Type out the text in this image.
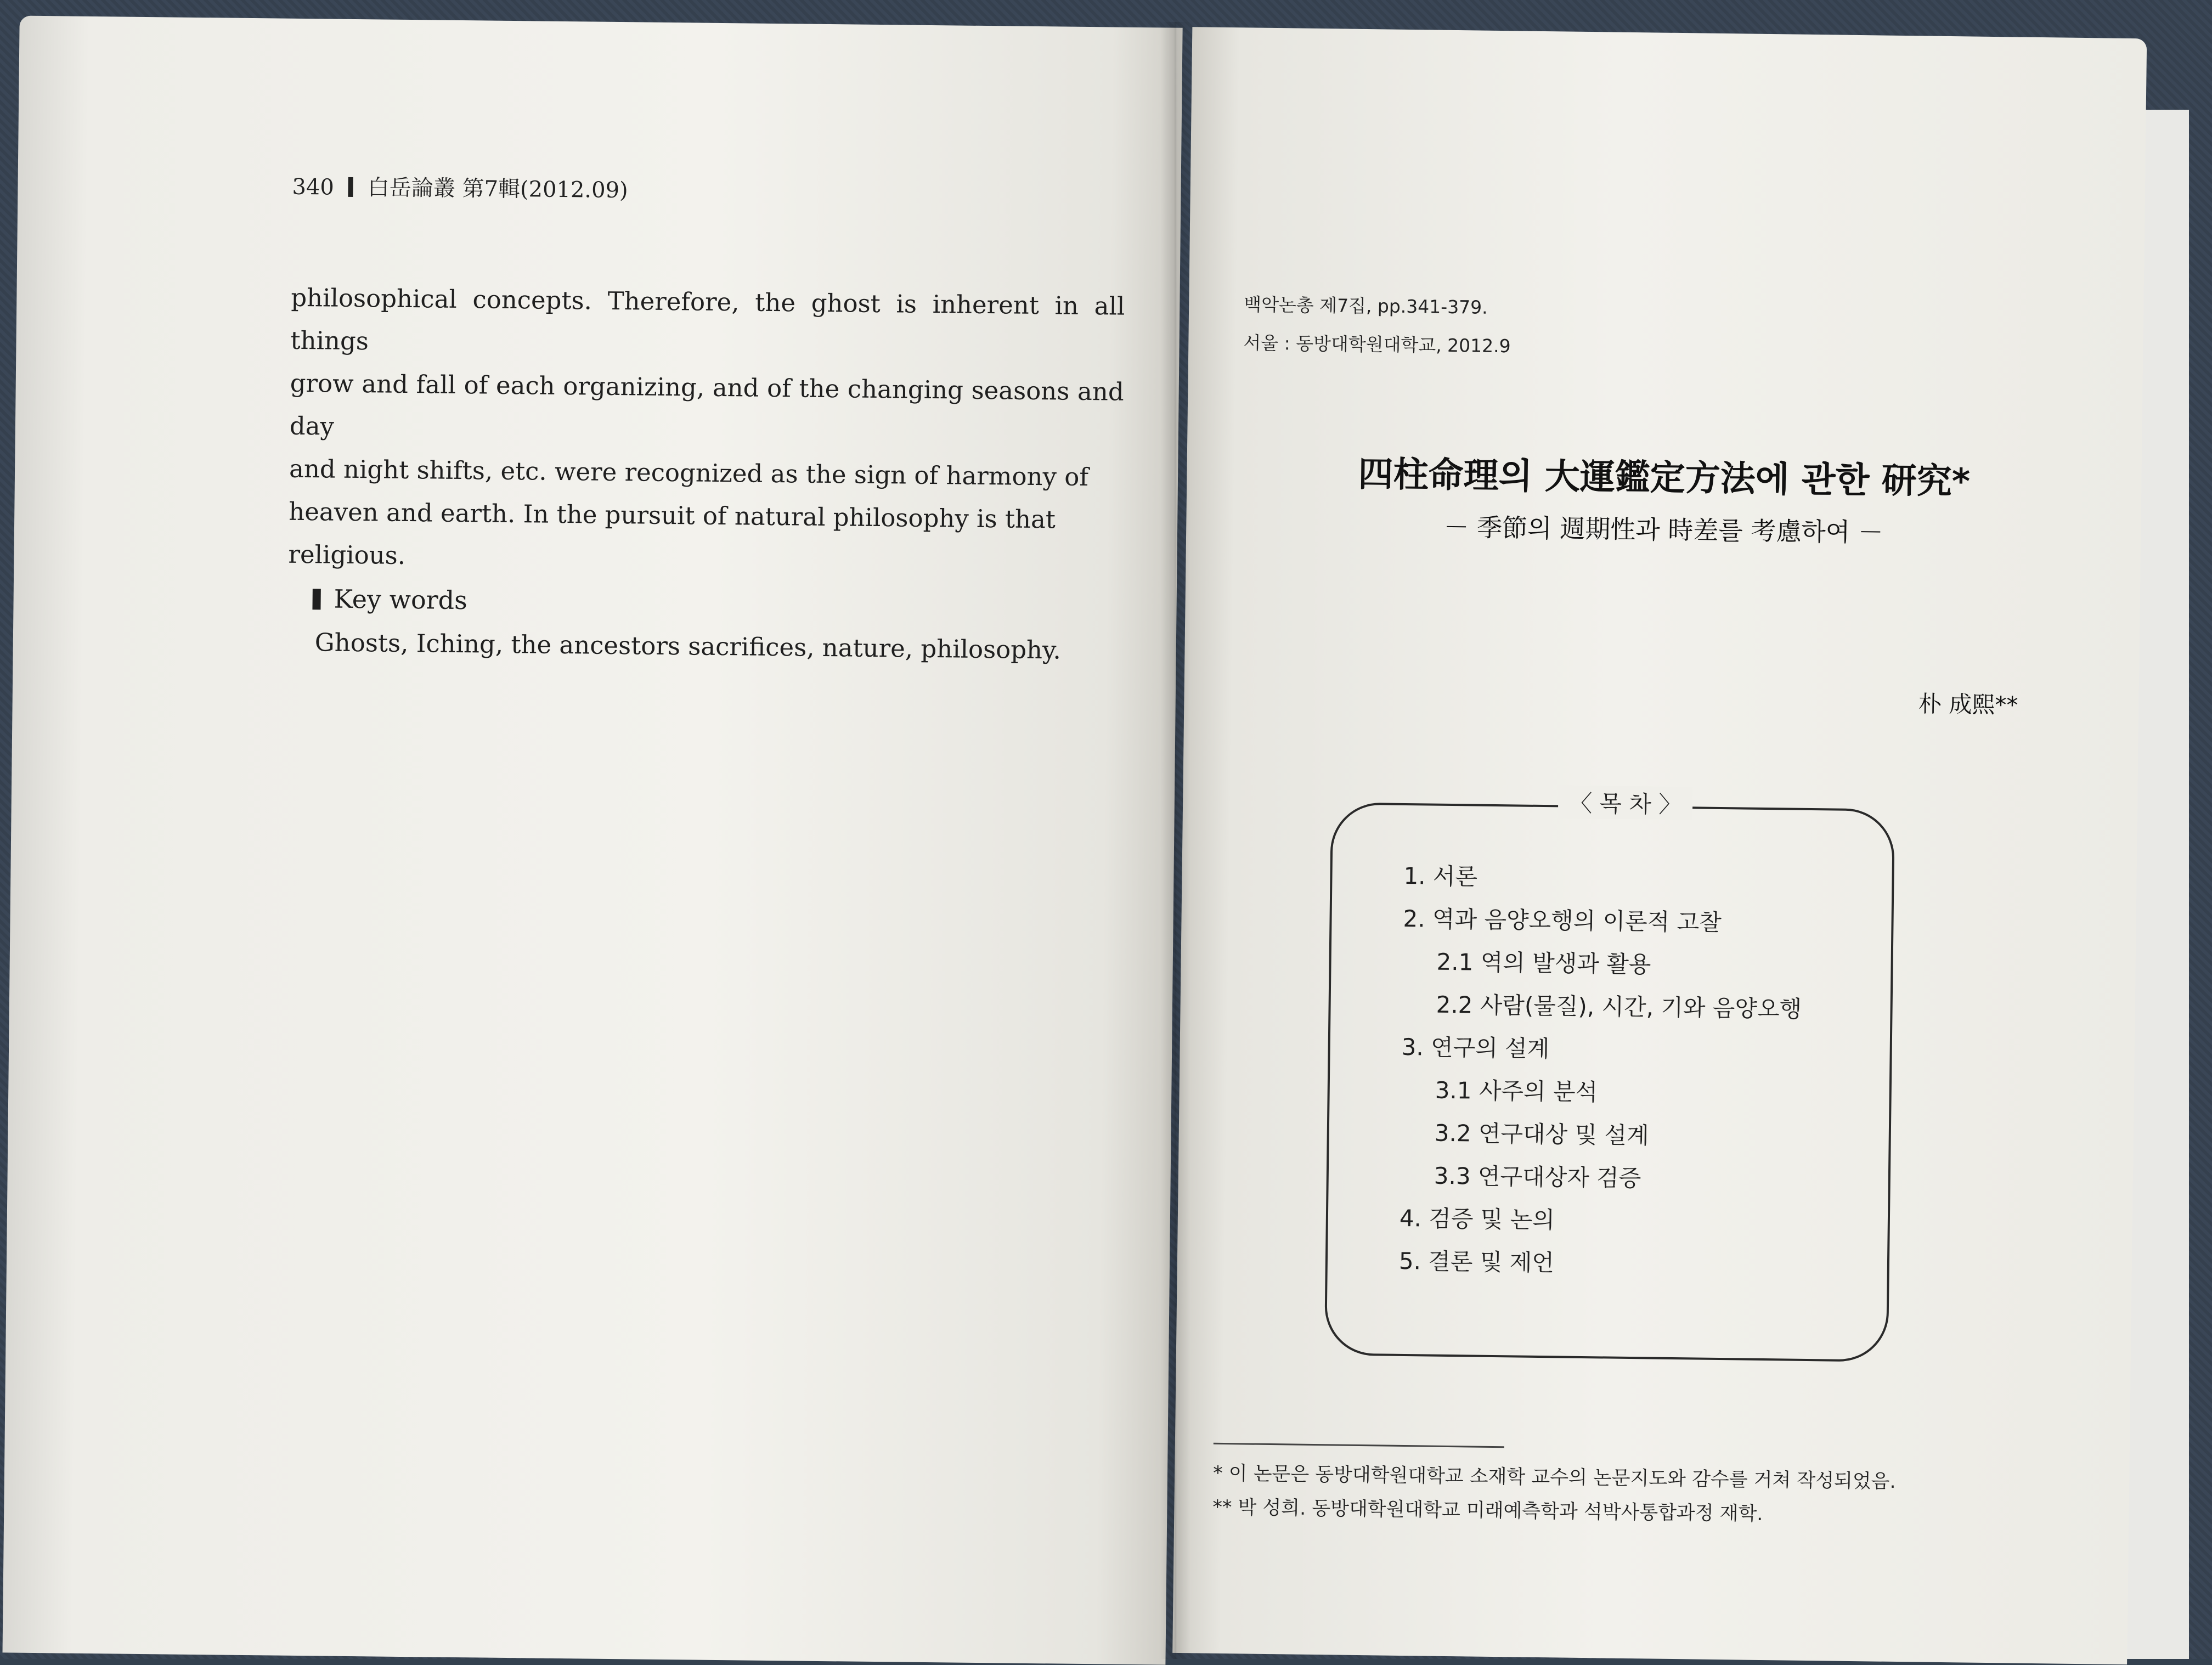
340 白岳論叢 第7輯(2012.09)
philosophical concepts. Therefore, the ghost is inherent in all things
grow and fall of each organizing, and of the changing seasons and day
and night shifts, etc. were recognized as the sign of harmony of
heaven and earth. In the pursuit of natural philosophy is that
religious.
Key words
Ghosts, Iching, the ancestors sacrifices, nature, philosophy.
백악논총 제7집, pp.341-379.
서울 : 동방대학원대학교, 2012.9
四柱命理의 大運鑑定方法에 관한 研究*
－ 季節의 週期性과 時差를 考慮하여 －
朴 成熙**
〈 목 차 〉
1. 서론
2. 역과 음양오행의 이론적 고찰
2.1 역의 발생과 활용
2.2 사람(물질), 시간, 기와 음양오행
3. 연구의 설계
3.1 사주의 분석
3.2 연구대상 및 설계
3.3 연구대상자 검증
4. 검증 및 논의
5. 결론 및 제언
* 이 논문은 동방대학원대학교 소재학 교수의 논문지도와 감수를 거쳐 작성되었음.
** 박 성희. 동방대학원대학교 미래예측학과 석박사통합과정 재학.
